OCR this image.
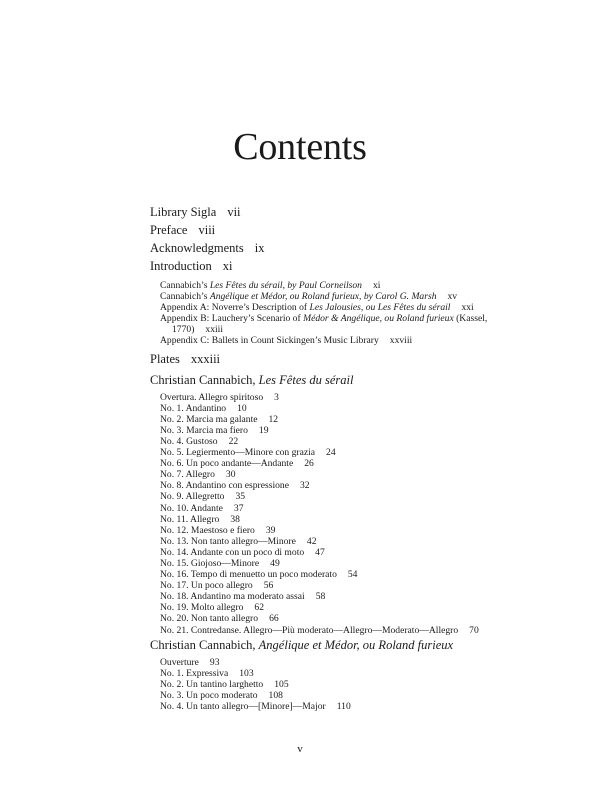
Contents
Library Sigla vii
Preface viii
Acknowledgments ix
Introduction xi
Cannabich’s Les Fêtes du sérail, by Paul Corneilson xi
Cannabich’s Angélique et Médor, ou Roland furieux, by Carol G. Marsh xv
Appendix A: Noverre’s Description of Les Jalousies, ou Les Fêtes du sérail xxi
Appendix B: Lauchery’s Scenario of Médor & Angélique, ou Roland furieux (Kassel,
1770) xxiii
Appendix C: Ballets in Count Sickingen’s Music Library xxviii
Plates xxxiii
Christian Cannabich, Les Fêtes du sérail
Overtura. Allegro spiritoso 3
No. 1. Andantino 10
No. 2. Marcia ma galante 12
No. 3. Marcia ma fiero 19
No. 4. Gustoso 22
No. 5. Legiermento—Minore con grazia 24
No. 6. Un poco andante—Andante 26
No. 7. Allegro 30
No. 8. Andantino con espressione 32
No. 9. Allegretto 35
No. 10. Andante 37
No. 11. Allegro 38
No. 12. Maestoso e fiero 39
No. 13. Non tanto allegro—Minore 42
No. 14. Andante con un poco di moto 47
No. 15. Giojoso—Minore 49
No. 16. Tempo di menuetto un poco moderato 54
No. 17. Un poco allegro 56
No. 18. Andantino ma moderato assai 58
No. 19. Molto allegro 62
No. 20. Non tanto allegro 66
No. 21. Contredanse. Allegro—Più moderato—Allegro—Moderato—Allegro 70
Christian Cannabich, Angélique et Médor, ou Roland furieux
Ouverture 93
No. 1. Expressiva 103
No. 2. Un tantino larghetto 105
No. 3. Un poco moderato 108
No. 4. Un tanto allegro—[Minore]—Major 110
v
